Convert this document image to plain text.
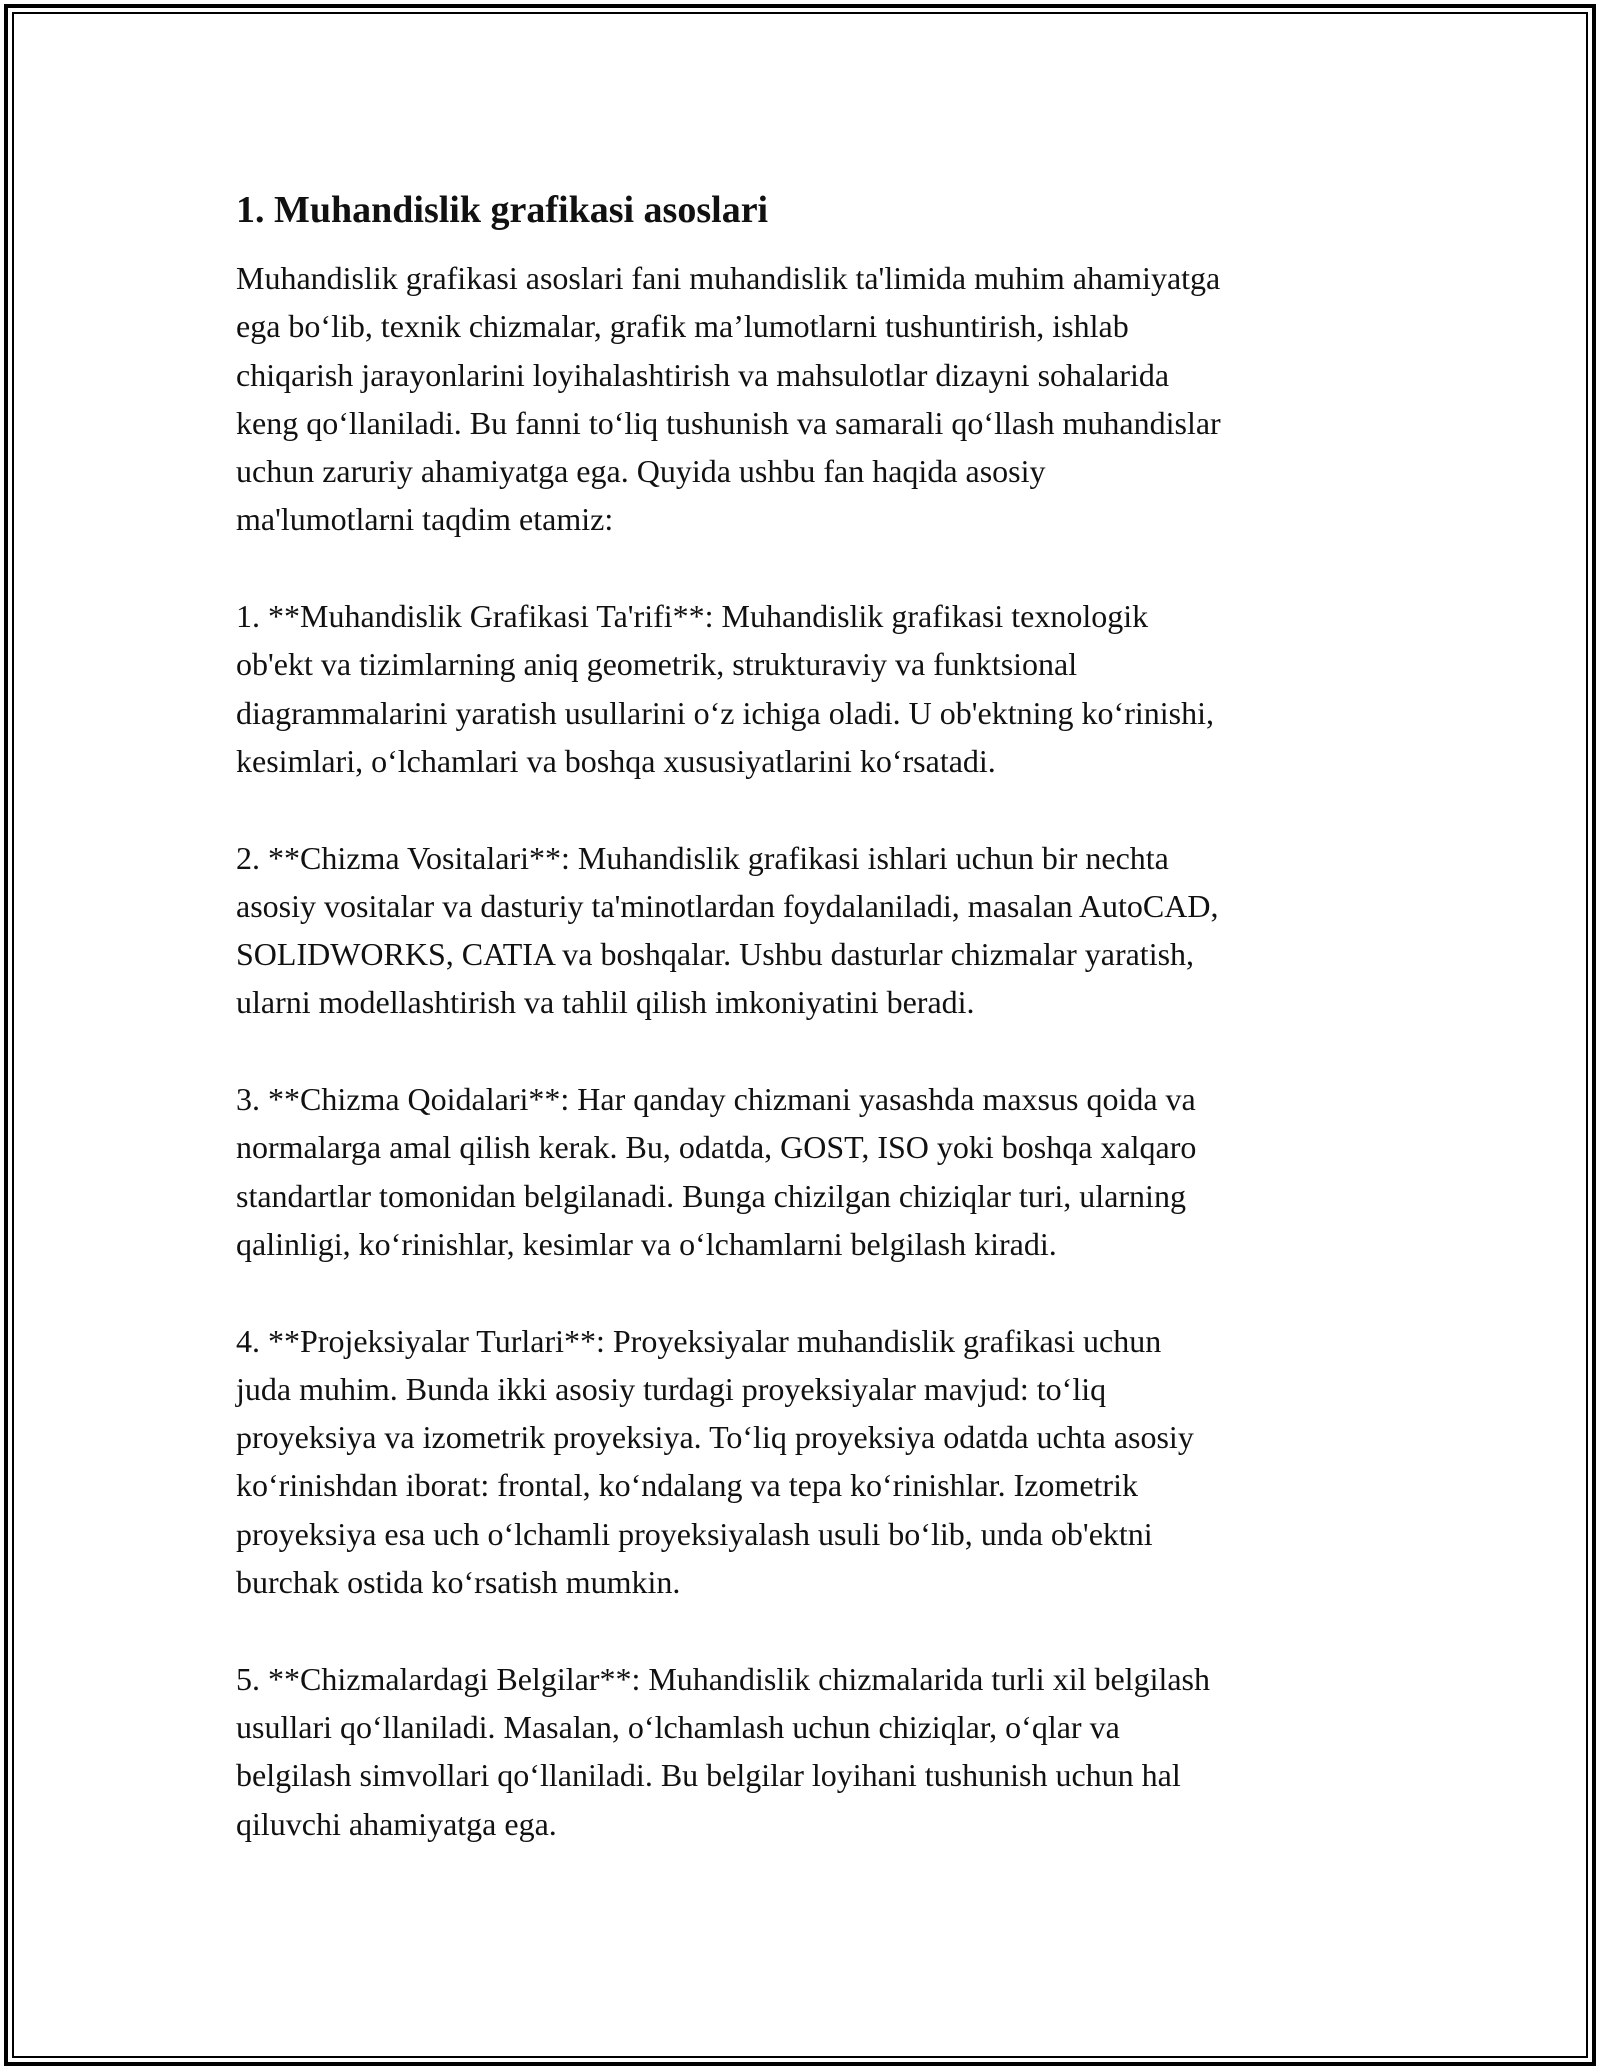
1. Muhandislik grafikasi asoslari
Muhandislik grafikasi asoslari fani muhandislik ta'limida muhim ahamiyatga
ega bo‘lib, texnik chizmalar, grafik ma’lumotlarni tushuntirish, ishlab
chiqarish jarayonlarini loyihalashtirish va mahsulotlar dizayni sohalarida
keng qo‘llaniladi. Bu fanni to‘liq tushunish va samarali qo‘llash muhandislar
uchun zaruriy ahamiyatga ega. Quyida ushbu fan haqida asosiy
ma'lumotlarni taqdim etamiz:
1. **Muhandislik Grafikasi Ta'rifi**: Muhandislik grafikasi texnologik
ob'ekt va tizimlarning aniq geometrik, strukturaviy va funktsional
diagrammalarini yaratish usullarini o‘z ichiga oladi. U ob'ektning ko‘rinishi,
kesimlari, o‘lchamlari va boshqa xususiyatlarini ko‘rsatadi.
2. **Chizma Vositalari**: Muhandislik grafikasi ishlari uchun bir nechta
asosiy vositalar va dasturiy ta'minotlardan foydalaniladi, masalan AutoCAD,
SOLIDWORKS, CATIA va boshqalar. Ushbu dasturlar chizmalar yaratish,
ularni modellashtirish va tahlil qilish imkoniyatini beradi.
3. **Chizma Qoidalari**: Har qanday chizmani yasashda maxsus qoida va
normalarga amal qilish kerak. Bu, odatda, GOST, ISO yoki boshqa xalqaro
standartlar tomonidan belgilanadi. Bunga chizilgan chiziqlar turi, ularning
qalinligi, ko‘rinishlar, kesimlar va o‘lchamlarni belgilash kiradi.
4. **Projeksiyalar Turlari**: Proyeksiyalar muhandislik grafikasi uchun
juda muhim. Bunda ikki asosiy turdagi proyeksiyalar mavjud: to‘liq
proyeksiya va izometrik proyeksiya. To‘liq proyeksiya odatda uchta asosiy
ko‘rinishdan iborat: frontal, ko‘ndalang va tepa ko‘rinishlar. Izometrik
proyeksiya esa uch o‘lchamli proyeksiyalash usuli bo‘lib, unda ob'ektni
burchak ostida ko‘rsatish mumkin.
5. **Chizmalardagi Belgilar**: Muhandislik chizmalarida turli xil belgilash
usullari qo‘llaniladi. Masalan, o‘lchamlash uchun chiziqlar, o‘qlar va
belgilash simvollari qo‘llaniladi. Bu belgilar loyihani tushunish uchun hal
qiluvchi ahamiyatga ega.
